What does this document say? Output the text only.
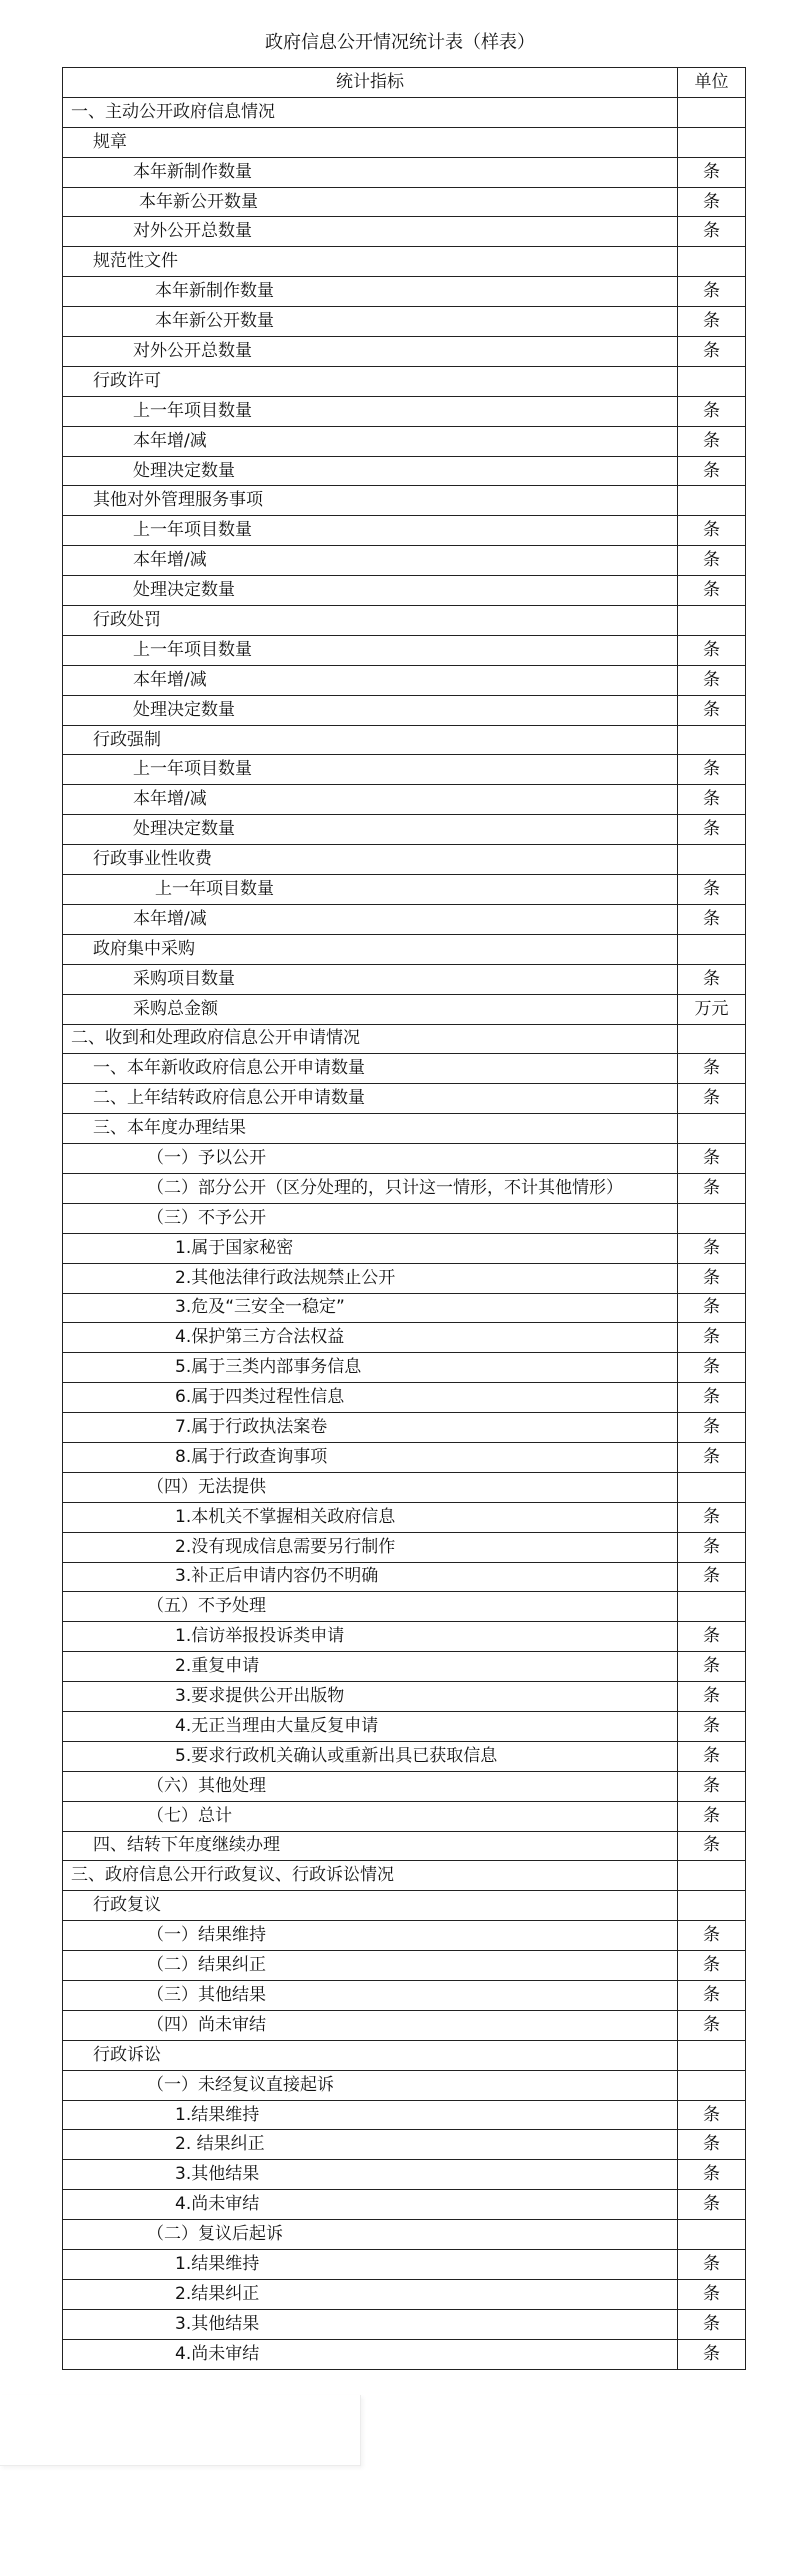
政府信息公开情况统计表（样表）
统计指标	单位
一、主动公开政府信息情况	
规章	
本年新制作数量	条
本年新公开数量	条
对外公开总数量	条
规范性文件	
本年新制作数量	条
本年新公开数量	条
对外公开总数量	条
行政许可	
上一年项目数量	条
本年增/减	条
处理决定数量	条
其他对外管理服务事项	
上一年项目数量	条
本年增/减	条
处理决定数量	条
行政处罚	
上一年项目数量	条
本年增/减	条
处理决定数量	条
行政强制	
上一年项目数量	条
本年增/减	条
处理决定数量	条
行政事业性收费	
上一年项目数量	条
本年增/减	条
政府集中采购	
采购项目数量	条
采购总金额	万元
二、收到和处理政府信息公开申请情况	
一、本年新收政府信息公开申请数量	条
二、上年结转政府信息公开申请数量	条
三、本年度办理结果	
（一）予以公开	条
（二）部分公开（区分处理的，只计这一情形，不计其他情形）	条
（三）不予公开	
1.属于国家秘密	条
2.其他法律行政法规禁止公开	条
3.危及“三安全一稳定”	条
4.保护第三方合法权益	条
5.属于三类内部事务信息	条
6.属于四类过程性信息	条
7.属于行政执法案卷	条
8.属于行政查询事项	条
（四）无法提供	
1.本机关不掌握相关政府信息	条
2.没有现成信息需要另行制作	条
3.补正后申请内容仍不明确	条
（五）不予处理	
1.信访举报投诉类申请	条
2.重复申请	条
3.要求提供公开出版物	条
4.无正当理由大量反复申请	条
5.要求行政机关确认或重新出具已获取信息	条
（六）其他处理	条
（七）总计	条
四、结转下年度继续办理	条
三、政府信息公开行政复议、行政诉讼情况	
行政复议	
（一）结果维持	条
（二）结果纠正	条
（三）其他结果	条
（四）尚未审结	条
行政诉讼	
（一）未经复议直接起诉	
1.结果维持	条
2. 结果纠正	条
3.其他结果	条
4.尚未审结	条
（二）复议后起诉	
1.结果维持	条
2.结果纠正	条
3.其他结果	条
4.尚未审结	条
